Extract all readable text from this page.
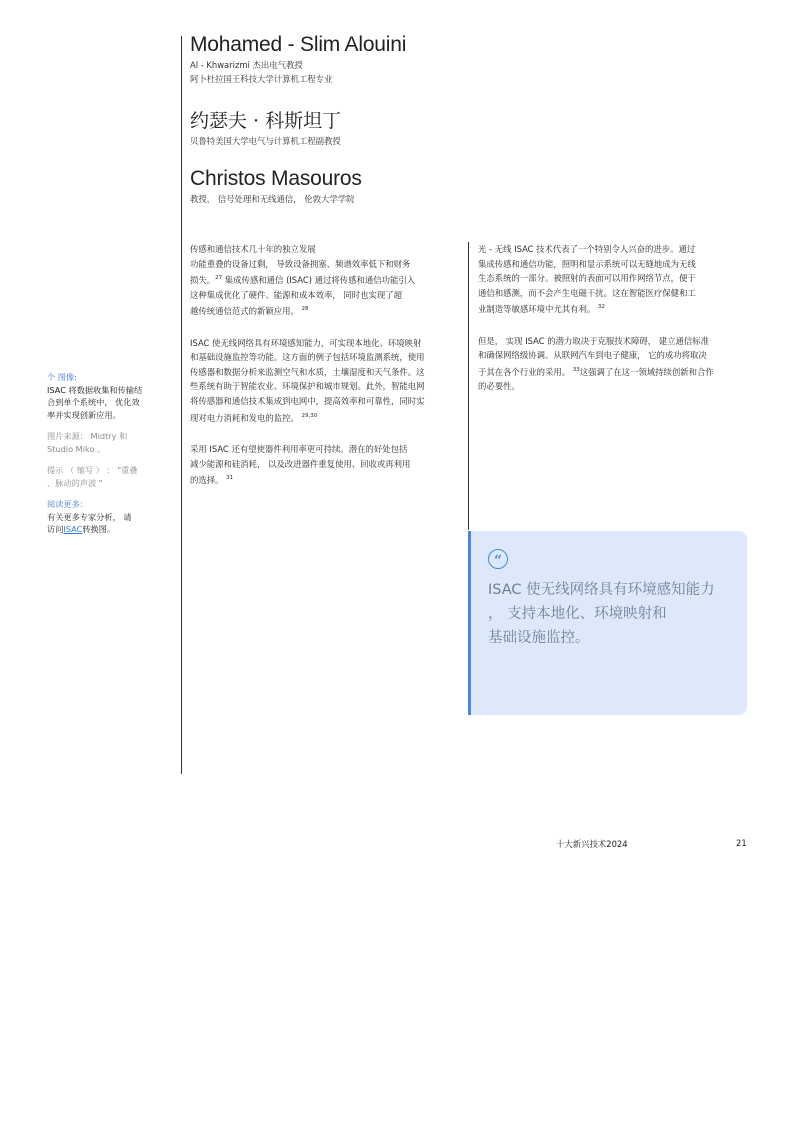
Mohamed - Slim Alouini
Al - Khwarizmi 杰出电气教授
阿卜杜拉国王科技大学计算机工程专业
约瑟夫 · 科斯坦丁
贝鲁特美国大学电气与计算机工程副教授
Christos Masouros
教授， 信号处理和无线通信， 伦敦大学学院
个 图像:
ISAC 将数据收集和传输结
合到单个系统中， 优化效
率并实现创新应用。
图片来源： Midtry 和
Studio Miko 。
提示 （ 缩写 ） ： "重叠
、脉动的声波 "
阅读更多：
有关更多专家分析， 请
访问ISAC转换图。

传感和通信技术几十年的独立发展
功能重叠的设备过剩， 导致设备拥塞、频谱效率低下和财务
损失。$^{27}$ 集成传感和通信 (ISAC) 通过将传感和通信功能引入
这种集成优化了硬件、能源和成本效率， 同时也实现了超
越传统通信范式的新颖应用。 $^{28}$

ISAC 使无线网络具有环境感知能力，可实现本地化、环境映射
和基础设施监控等功能。这方面的例子包括环境监测系统，使用
传感器和数据分析来监测空气和水质，土壤湿度和天气条件。这
些系统有助于智能农业、环境保护和城市规划。此外，智能电网
将传感器和通信技术集成到电网中，提高效率和可靠性，同时实
现对电力消耗和发电的监控。 $^{29,30}$

采用 ISAC 还有望使器件利用率更可持续。潜在的好处包括
减少能源和硅消耗， 以及改进器件重复使用、回收或再利用
的选择。 $^{31}$

光 - 无线 ISAC 技术代表了一个特别令人兴奋的进步。通过
集成传感和通信功能，照明和显示系统可以无缝地成为无线
生态系统的一部分。被照射的表面可以用作网络节点，便于
通信和感测，而不会产生电磁干扰。这在智能医疗保健和工
业制造等敏感环境中尤其有利。 $^{32}$

但是， 实现 ISAC 的潜力取决于克服技术障碍， 建立通信标准
和确保网络级协调。从联网汽车到电子健康， 它的成功将取决
于其在各个行业的采用。 $^{33}$这强调了在这一领域持续创新和合作
的必要性。

“
ISAC 使无线网络具有环境感知能力
， 支持本地化、环境映射和
基础设施监控。
十大新兴技术2024	21
